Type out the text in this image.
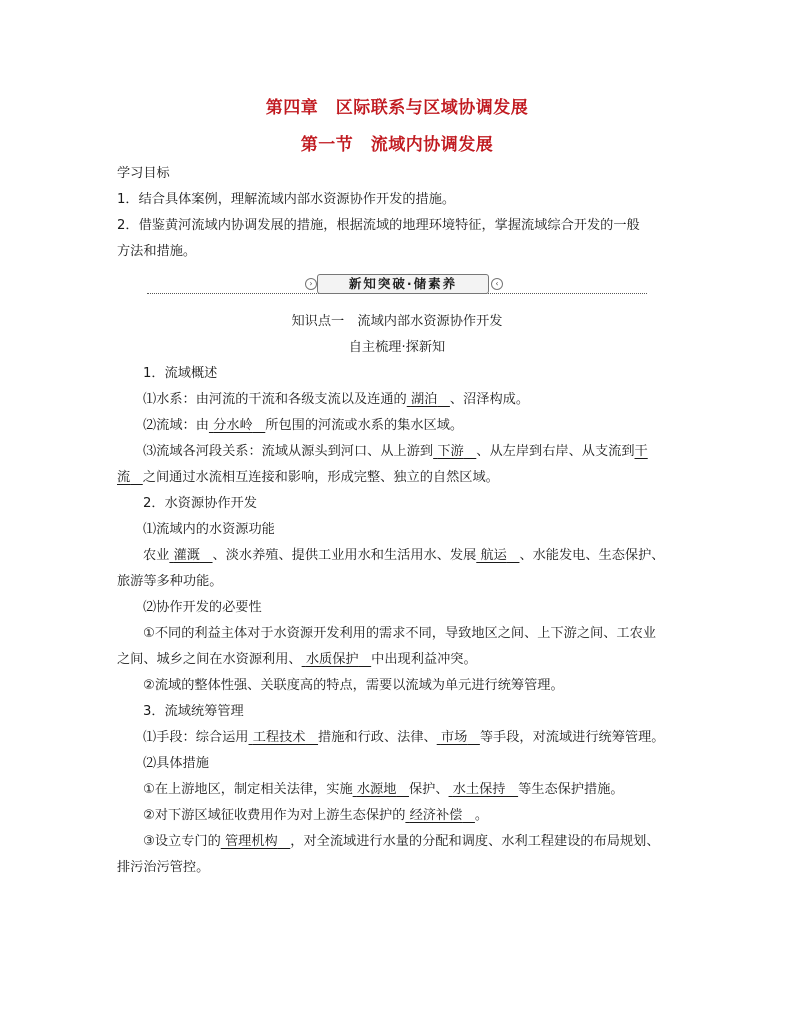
第四章　区际联系与区域协调发展
第一节　流域内协调发展
学习目标
1．结合具体案例，理解流域内部水资源协作开发的措施。
2．借鉴黄河流域内协调发展的措施，根据流域的地理环境特征，掌握流域综合开发的一般
方法和措施。
›	新知突破·储素养	‹
知识点一　流域内部水资源协作开发
自主梳理·探新知
1．流域概述
⑴水系：由河流的干流和各级支流以及连通的 湖泊 、沼泽构成。
⑵流域：由 分水岭 所包围的河流或水系的集水区域。
⑶流域各河段关系：流域从源头到河口、从上游到 下游 、从左岸到右岸、从支流到干
流 之间通过水流相互连接和影响，形成完整、独立的自然区域。
2．水资源协作开发
⑴流域内的水资源功能
农业 灌溉 、淡水养殖、提供工业用水和生活用水、发展 航运 、水能发电、生态保护、
旅游等多种功能。
⑵协作开发的必要性
①不同的利益主体对于水资源开发利用的需求不同，导致地区之间、上下游之间、工农业
之间、城乡之间在水资源利用、 水质保护 中出现利益冲突。
②流域的整体性强、关联度高的特点，需要以流域为单元进行统筹管理。
3．流域统筹管理
⑴手段：综合运用 工程技术 措施和行政、法律、 市场 等手段，对流域进行统筹管理。
⑵具体措施
①在上游地区，制定相关法律，实施 水源地 保护、 水土保持 等生态保护措施。
②对下游区域征收费用作为对上游生态保护的 经济补偿 。
③设立专门的 管理机构 ，对全流域进行水量的分配和调度、水利工程建设的布局规划、
排污治污管控。
